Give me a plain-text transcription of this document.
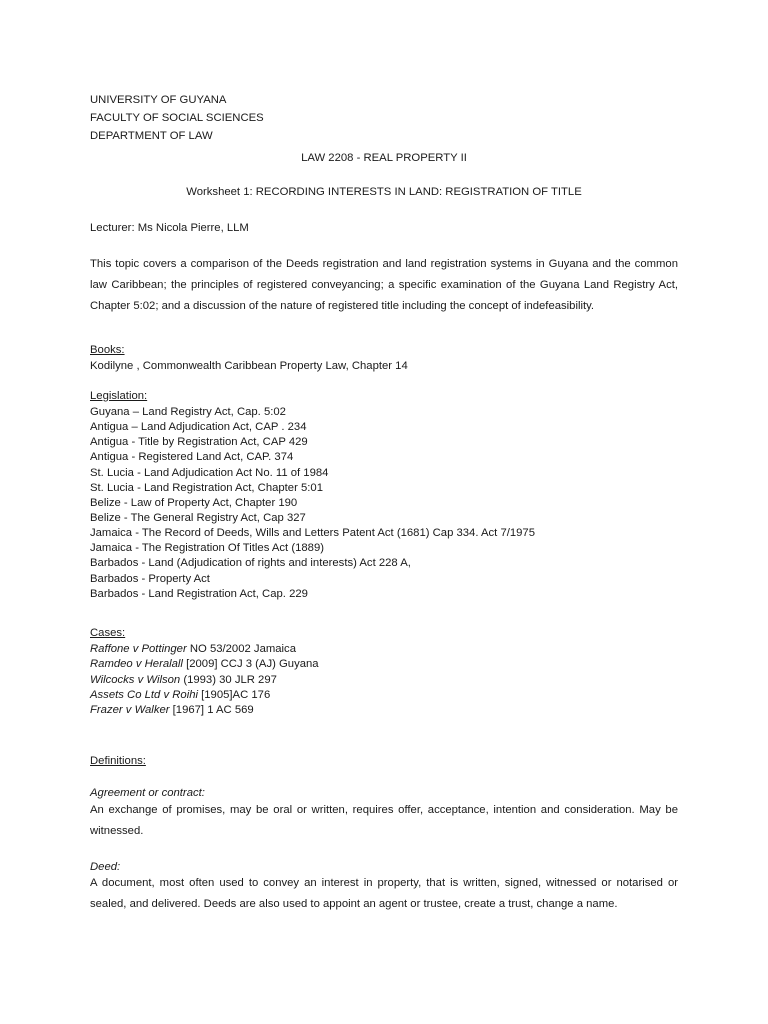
UNIVERSITY OF GUYANA
FACULTY OF SOCIAL SCIENCES
DEPARTMENT OF LAW
LAW 2208 - REAL PROPERTY II
Worksheet 1: RECORDING INTERESTS IN LAND: REGISTRATION OF TITLE
Lecturer: Ms Nicola Pierre, LLM
This topic covers a comparison of the Deeds registration and land registration systems in Guyana and the common law Caribbean; the principles of registered conveyancing; a specific examination of the Guyana Land Registry Act, Chapter 5:02; and a discussion of the nature of registered title including the concept of indefeasibility.
Books:
Kodilyne , Commonwealth Caribbean Property Law, Chapter 14
Legislation:
Guyana – Land Registry Act, Cap. 5:02
Antigua – Land Adjudication Act, CAP . 234
Antigua - Title by Registration Act, CAP 429
Antigua - Registered Land Act, CAP. 374
St. Lucia - Land Adjudication Act No. 11 of 1984
St. Lucia - Land Registration Act, Chapter 5:01
Belize - Law of Property Act, Chapter 190
Belize - The General Registry Act, Cap 327
Jamaica - The Record of Deeds, Wills and Letters Patent Act (1681) Cap 334. Act 7/1975
Jamaica - The Registration Of Titles Act (1889)
Barbados - Land (Adjudication of rights and interests) Act 228 A,
Barbados - Property Act
Barbados - Land Registration Act, Cap. 229
Cases:
Raffone v Pottinger NO 53/2002 Jamaica
Ramdeo v Heralall [2009] CCJ 3 (AJ) Guyana
Wilcocks v Wilson (1993) 30 JLR 297
Assets Co Ltd v Roihi [1905]AC 176
Frazer v Walker [1967] 1 AC 569
Definitions:
Agreement or contract:
An exchange of promises, may be oral or written, requires offer, acceptance, intention and consideration. May be witnessed.
Deed:
A document, most often used to convey an interest in property, that is written, signed, witnessed or notarised or sealed, and delivered. Deeds are also used to appoint an agent or trustee, create a trust, change a name.
